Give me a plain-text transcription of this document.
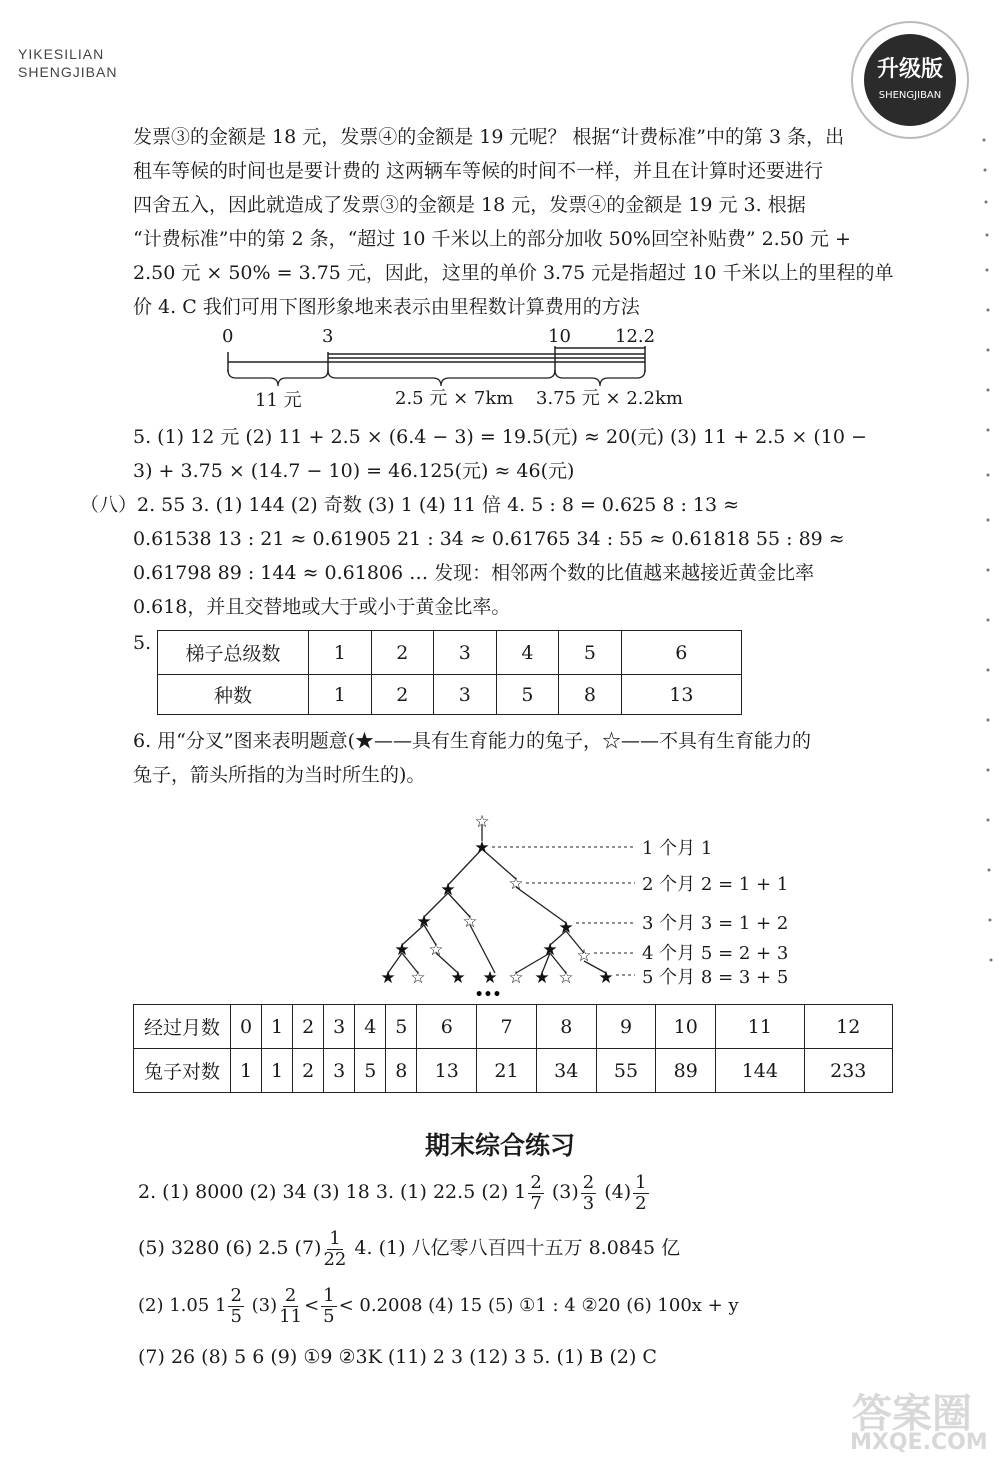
YIKESILIAN
SHENGJIBAN	升级版
SHENGJIBAN
发票③的金额是 18 元，发票④的金额是 19 元呢？ 根据“计费标准”中的第 3 条，出
租车等候的时间也是要计费的 这两辆车等候的时间不一样，并且在计算时还要进行
四舍五入，因此就造成了发票③的金额是 18 元，发票④的金额是 19 元 3. 根据
“计费标准”中的第 2 条，“超过 10 千米以上的部分加收 50%回空补贴费” 2.50 元 +
2.50 元 × 50% = 3.75 元，因此，这里的单价 3.75 元是指超过 10 千米以上的里程的单
价 4. C 我们可用下图形象地来表示由里程数计算费用的方法
0	3	10 12.2
11 元	2.5 元 × 7km 3.75 元 × 2.2km
5. (1) 12 元 (2) 11 + 2.5 × (6.4 − 3) = 19.5(元) ≈ 20(元) (3) 11 + 2.5 × (10 −
3) + 3.75 × (14.7 − 10) = 46.125(元) ≈ 46(元)
（八）2. 55 3. (1) 144 (2) 奇数 (3) 1 (4) 11 倍 4. 5 : 8 = 0.625 8 : 13 ≈
0.61538 13 : 21 ≈ 0.61905 21 : 34 ≈ 0.61765 34 : 55 ≈ 0.61818 55 : 89 ≈
0.61798 89 : 144 ≈ 0.61806 … 发现：相邻两个数的比值越来越接近黄金比率
0.618，并且交替地或大于或小于黄金比率。
5. 梯子总级数	1	2	3	4	5	6
种数	1	2	3	5	8	13
6. 用“分叉”图来表明题意(★——具有生育能力的兔子，☆——不具有生育能力的
兔子，箭头所指的为当时所生的)。
☆
★
★	☆
★ ☆	★
★ ☆	★ ☆
★ ☆ ★ ★ ☆ ★ ☆ ★
•••
1 个月 1
2 个月 2 = 1 + 1
3 个月 3 = 1 + 2
4 个月 5 = 2 + 3
5 个月 8 = 3 + 5
经过月数	0	1	2	3	4	5	6	7	8	9	10	11	12
兔子对数	1	1	2	3	5	8	13	21	34	55	89	144	233
期末综合练习
2. (1) 8000 (2) 34 (3) 18 3. (1) 22.5 (2) $1 \frac{2}{7} (3) \frac{2}{3} (4) \frac{1}{2}$
(5) 3280 (6) 2.5 $(7) \frac{1}{22} 4$. (1) 八亿零八百四十五万 8.0845 亿
(2) 1.05 $1 \frac{2}{5} (3) \frac{2}{11} < \frac{1}{5} < 0.2008$ (4) 15 (5) ①1 : 4 ②20 (6) 100x + y
(7) 26 (8) 5 6 (9) ①9 ②3K (11) 2 3 (12) 3 5. (1) B (2) C
答案圈
MXQE.COM
